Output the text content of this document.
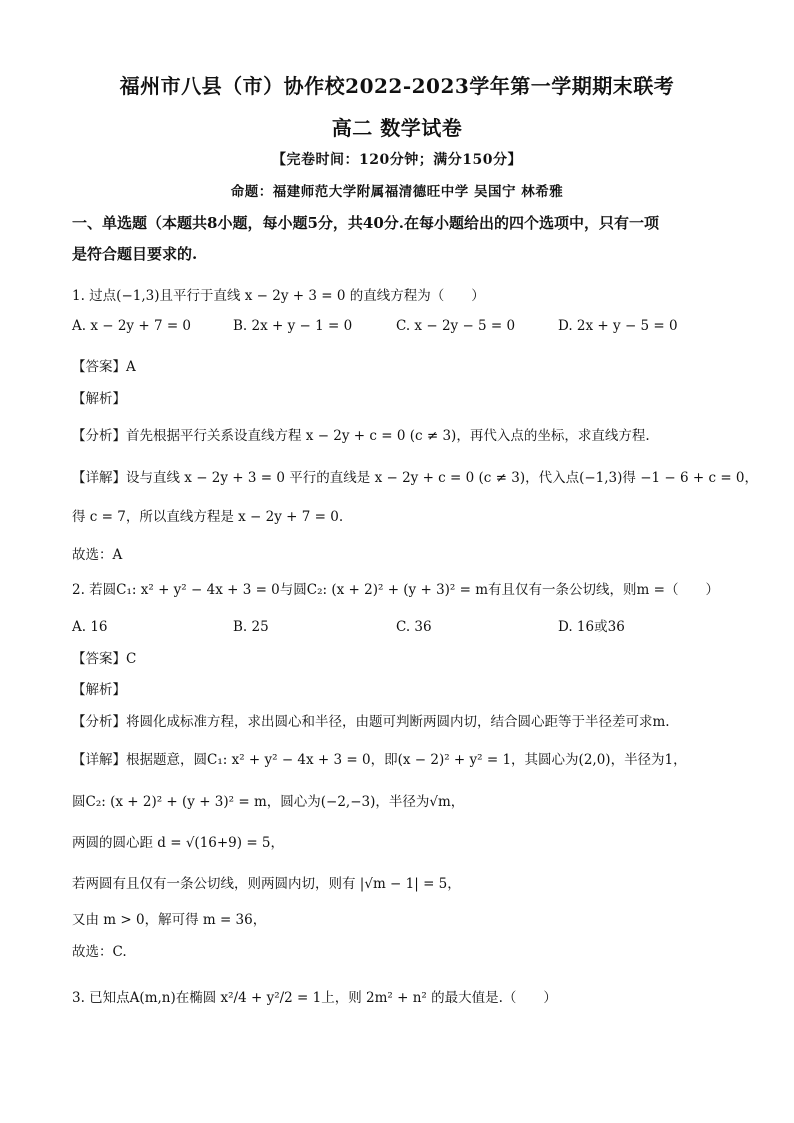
福州市八县（市）协作校2022-2023学年第一学期期末联考
高二 数学试卷
【完卷时间：120分钟；满分150分】
命题：福建师范大学附属福清德旺中学 吴国宁 林希雅
一、单选题（本题共8小题，每小题5分，共40分.在每小题给出的四个选项中，只有一项
是符合题目要求的.
1. 过点(−1,3)且平行于直线 x − 2y + 3 = 0 的直线方程为（　　）
A. x − 2y + 7 = 0	B. 2x + y − 1 = 0	C. x − 2y − 5 = 0	D. 2x + y − 5 = 0
【答案】A
【解析】
【分析】首先根据平行关系设直线方程 x − 2y + c = 0 (c ≠ 3)，再代入点的坐标，求直线方程.
【详解】设与直线 x − 2y + 3 = 0 平行的直线是 x − 2y + c = 0 (c ≠ 3)，代入点(−1,3)得 −1 − 6 + c = 0，
得 c = 7，所以直线方程是 x − 2y + 7 = 0.
故选：A
2. 若圆C₁: x² + y² − 4x + 3 = 0与圆C₂: (x + 2)² + (y + 3)² = m有且仅有一条公切线，则m =（　　）
A. 16	B. 25	C. 36	D. 16或36
【答案】C
【解析】
【分析】将圆化成标准方程，求出圆心和半径，由题可判断两圆内切，结合圆心距等于半径差可求m.
【详解】根据题意，圆C₁: x² + y² − 4x + 3 = 0，即(x − 2)² + y² = 1，其圆心为(2,0)，半径为1，
圆C₂: (x + 2)² + (y + 3)² = m，圆心为(−2,−3)，半径为√m，
两圆的圆心距 d = √(16+9) = 5，
若两圆有且仅有一条公切线，则两圆内切，则有 |√m − 1| = 5，
又由 m > 0，解可得 m = 36，
故选：C.
3. 已知点A(m,n)在椭圆 x²/4 + y²/2 = 1上，则 2m² + n² 的最大值是.（　　）
